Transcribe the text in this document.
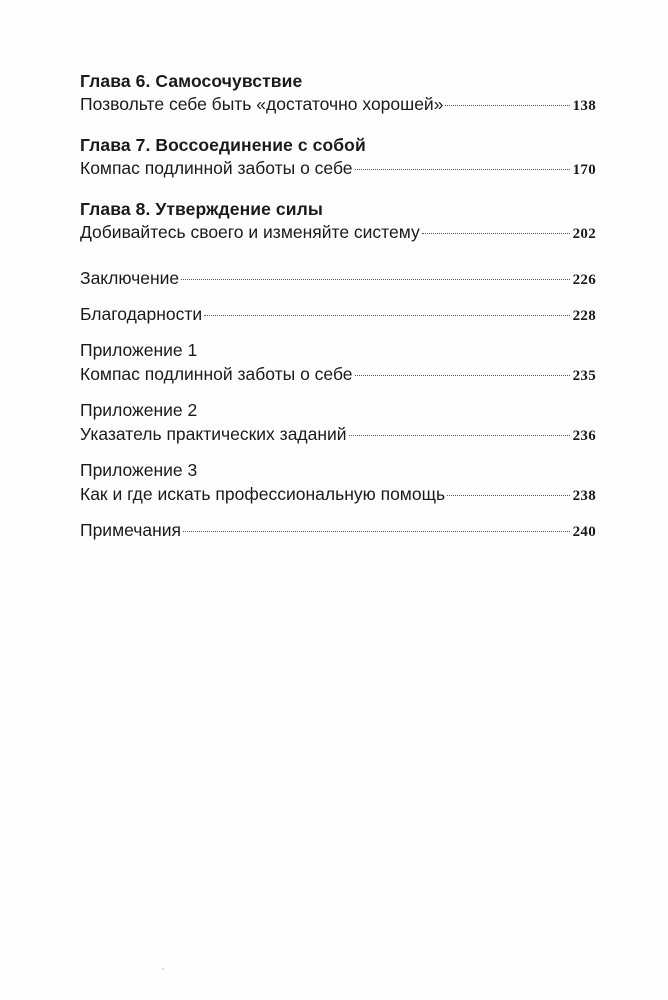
Глава 6. Самосочувствие
Позвольте себе быть «достаточно хорошей»	138
Глава 7. Воссоединение с собой
Компас подлинной заботы о себе	170
Глава 8. Утверждение силы
Добивайтесь своего и изменяйте систему	202
Заключение	226
Благодарности	228
Приложение 1
Компас подлинной заботы о себе	235
Приложение 2
Указатель практических заданий	236
Приложение 3
Как и где искать профессиональную помощь	238
Примечания	240
